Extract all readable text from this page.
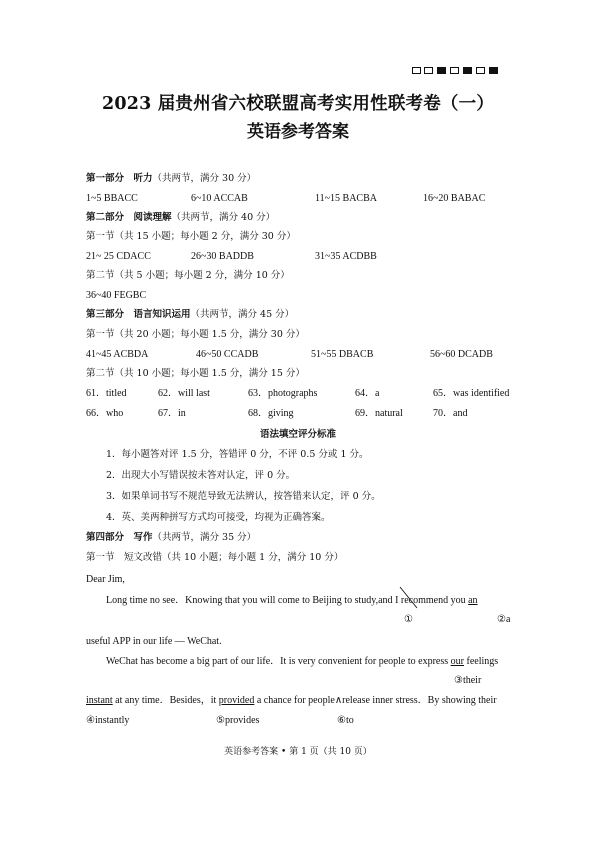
2023 届贵州省六校联盟高考实用性联考卷（一）
英语参考答案
第一部分　听力（共两节，满分 30 分）
1~5 BBACC	6~10 ACCAB	11~15 BACBA	16~20 BABAC
第二部分　阅读理解（共两节，满分 40 分）
第一节（共 15 小题；每小题 2 分，满分 30 分）
21~ 25 CDACC	26~30 BADDB	31~35 ACDBB
第二节（共 5 小题；每小题 2 分，满分 10 分）
36~40 FEGBC
第三部分　语言知识运用（共两节，满分 45 分）
第一节（共 20 小题；每小题 1.5 分，满分 30 分）
41~45 ACBDA	46~50 CCADB	51~55 DBACB	56~60 DCADB
第二节（共 10 小题；每小题 1.5 分，满分 15 分）
61．titled	62．will last	63．photographs	64．a	65．was identified
66．who	67．in	68．giving	69．natural	70．and
语法填空评分标准
1．每小题答对评 1.5 分，答错评 0 分，不评 0.5 分或 1 分。
2．出现大小写错误按未答对认定，评 0 分。
3．如果单词书写不规范导致无法辨认，按答错来认定，评 0 分。
4．英、美两种拼写方式均可接受，均视为正确答案。
第四部分　写作（共两节，满分 35 分）
第一节　短文改错（共 10 小题；每小题 1 分，满分 10 分）
Dear Jim,
Long time no see．Knowing that you will come to Beijing to study,and I recommend you an
①	②a
useful APP in our life — WeChat.
WeChat has become a big part of our life．It is very convenient for people to express our feelings
③their
instant at any time．Besides，it provided a chance for people∧release inner stress．By showing their
④instantly	⑤provides	⑥to
英语参考答案 • 第 1 页（共 10 页）
